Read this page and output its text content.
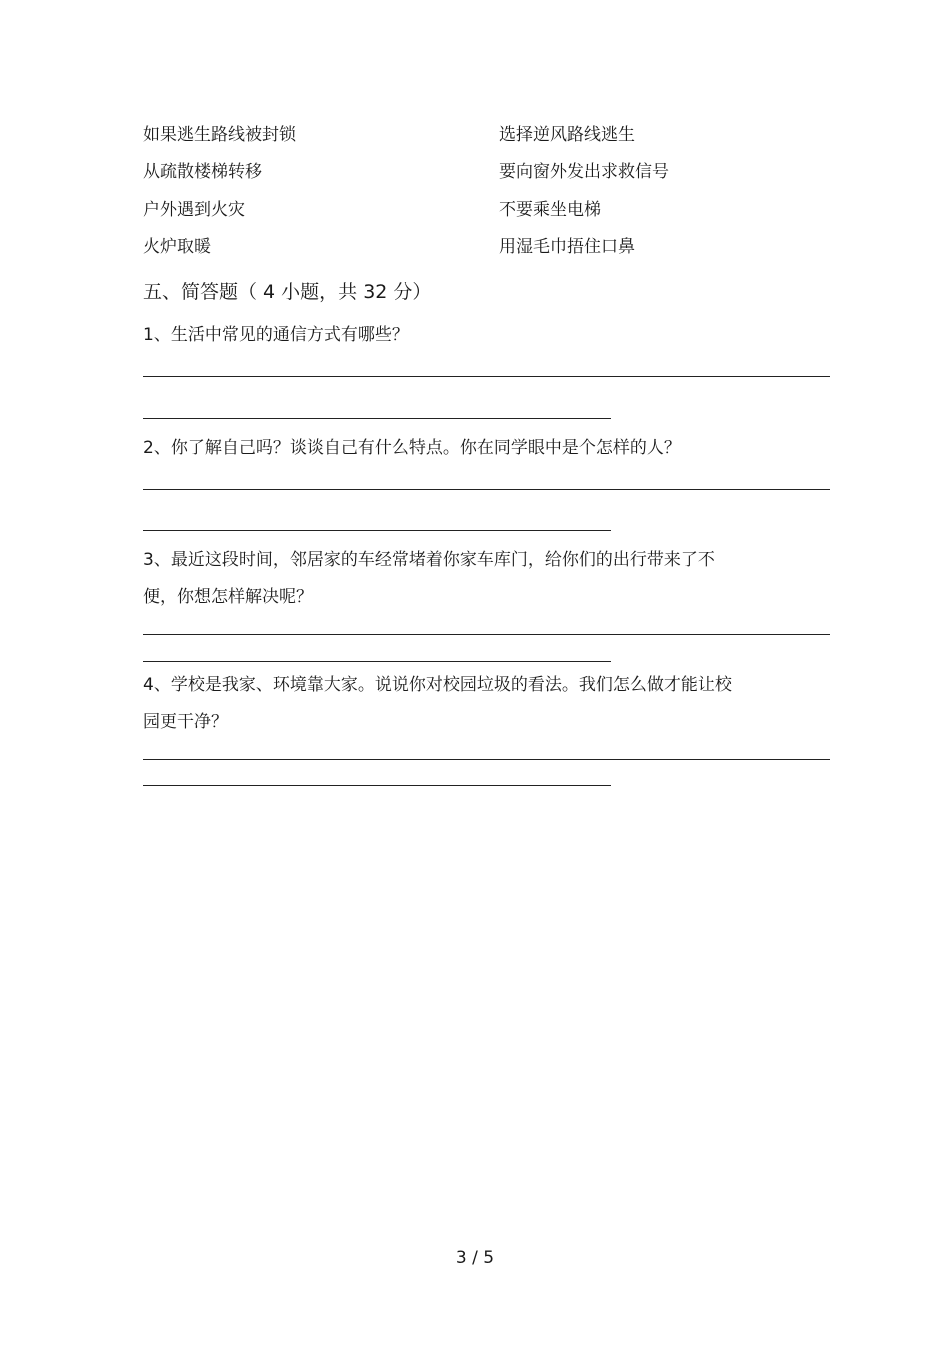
如果逃生路线被封锁
从疏散楼梯转移
户外遇到火灾
火炉取暖
选择逆风路线逃生
要向窗外发出求救信号
不要乘坐电梯
用湿毛巾捂住口鼻
五、简答题（ 4 小题，共 32 分）
1、生活中常见的通信方式有哪些？
2、你了解自己吗？谈谈自己有什么特点。你在同学眼中是个怎样的人？
3、最近这段时间，邻居家的车经常堵着你家车库门，给你们的出行带来了不
便，你想怎样解决呢？
4、学校是我家、环境靠大家。说说你对校园垃圾的看法。我们怎么做才能让校
园更干净？
3 / 5
